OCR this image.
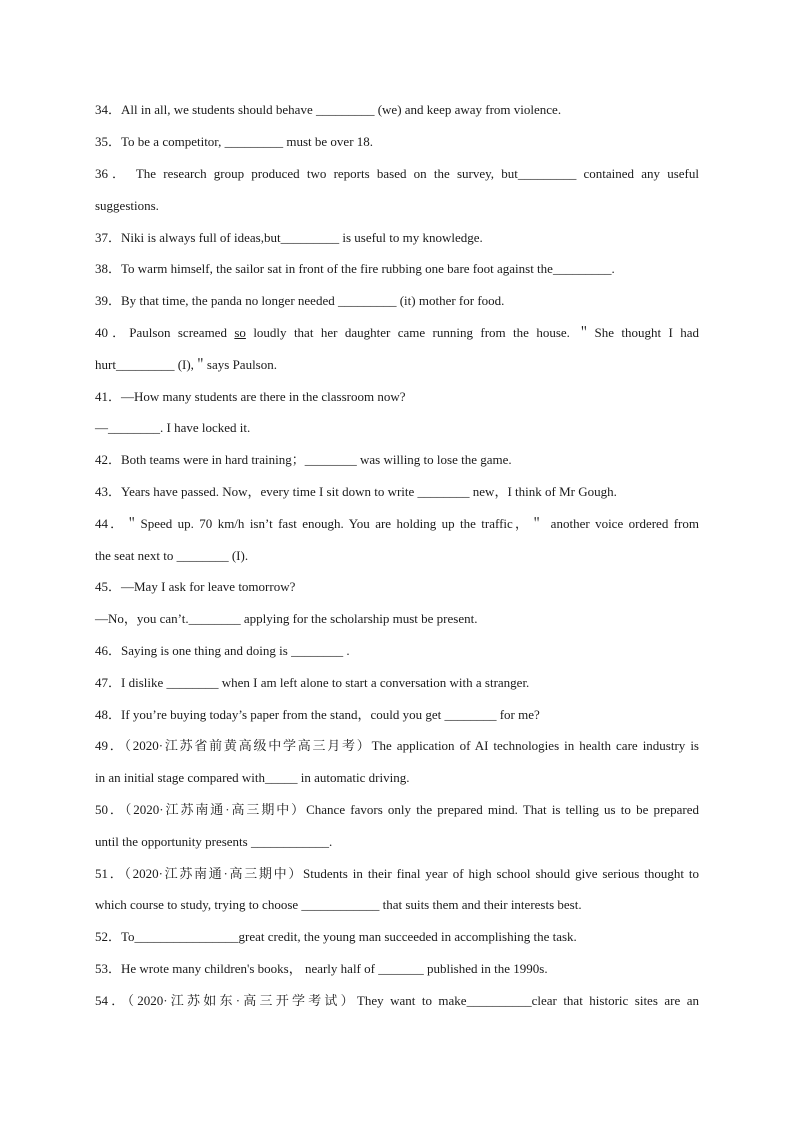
34．All in all, we students should behave _________ (we) and keep away from violence.
35．To be a competitor, _________ must be over 18.
36． The research group produced two reports based on the survey, but_________ contained any useful
suggestions.
37．Niki is always full of ideas,but_________ is useful to my knowledge.
38．To warm himself, the sailor sat in front of the fire rubbing one bare foot against the_________.
39．By that time, the panda no longer needed _________ (it) mother for food.
40．Paulson screamed so loudly that her daughter came running from the house. ＂She thought I had
hurt_________ (I),＂says Paulson.
41．—How many students are there in the classroom now?
—________. I have locked it.
42．Both teams were in hard training；________ was willing to lose the game.
43．Years have passed. Now，every time I sit down to write ________ new，I think of Mr Gough.
44．＂Speed up. 70 km/h isn’t fast enough. You are holding up the traffic，＂ another voice ordered from
the seat next to ________ (I).
45．—May I ask for leave tomorrow?
—No，you can’t.________ applying for the scholarship must be present.
46．Saying is one thing and doing is ________ .
47．I dislike ________ when I am left alone to start a conversation with a stranger.
48．If you’re buying today’s paper from the stand，could you get ________ for me?
49．（2020·江苏省前黄高级中学高三月考）The application of AI technologies in health care industry is
in an initial stage compared with_____ in automatic driving.
50．（2020·江苏南通·高三期中）Chance favors only the prepared mind. That is telling us to be prepared
until the opportunity presents ____________.
51．（2020·江苏南通·高三期中）Students in their final year of high school should give serious thought to
which course to study, trying to choose ____________ that suits them and their interests best.
52．To________________great credit, the young man succeeded in accomplishing the task.
53．He wrote many children's books， nearly half of _______ published in the 1990s.
54．（2020·江苏如东·高三开学考试）They want to make__________clear that historic sites are an
